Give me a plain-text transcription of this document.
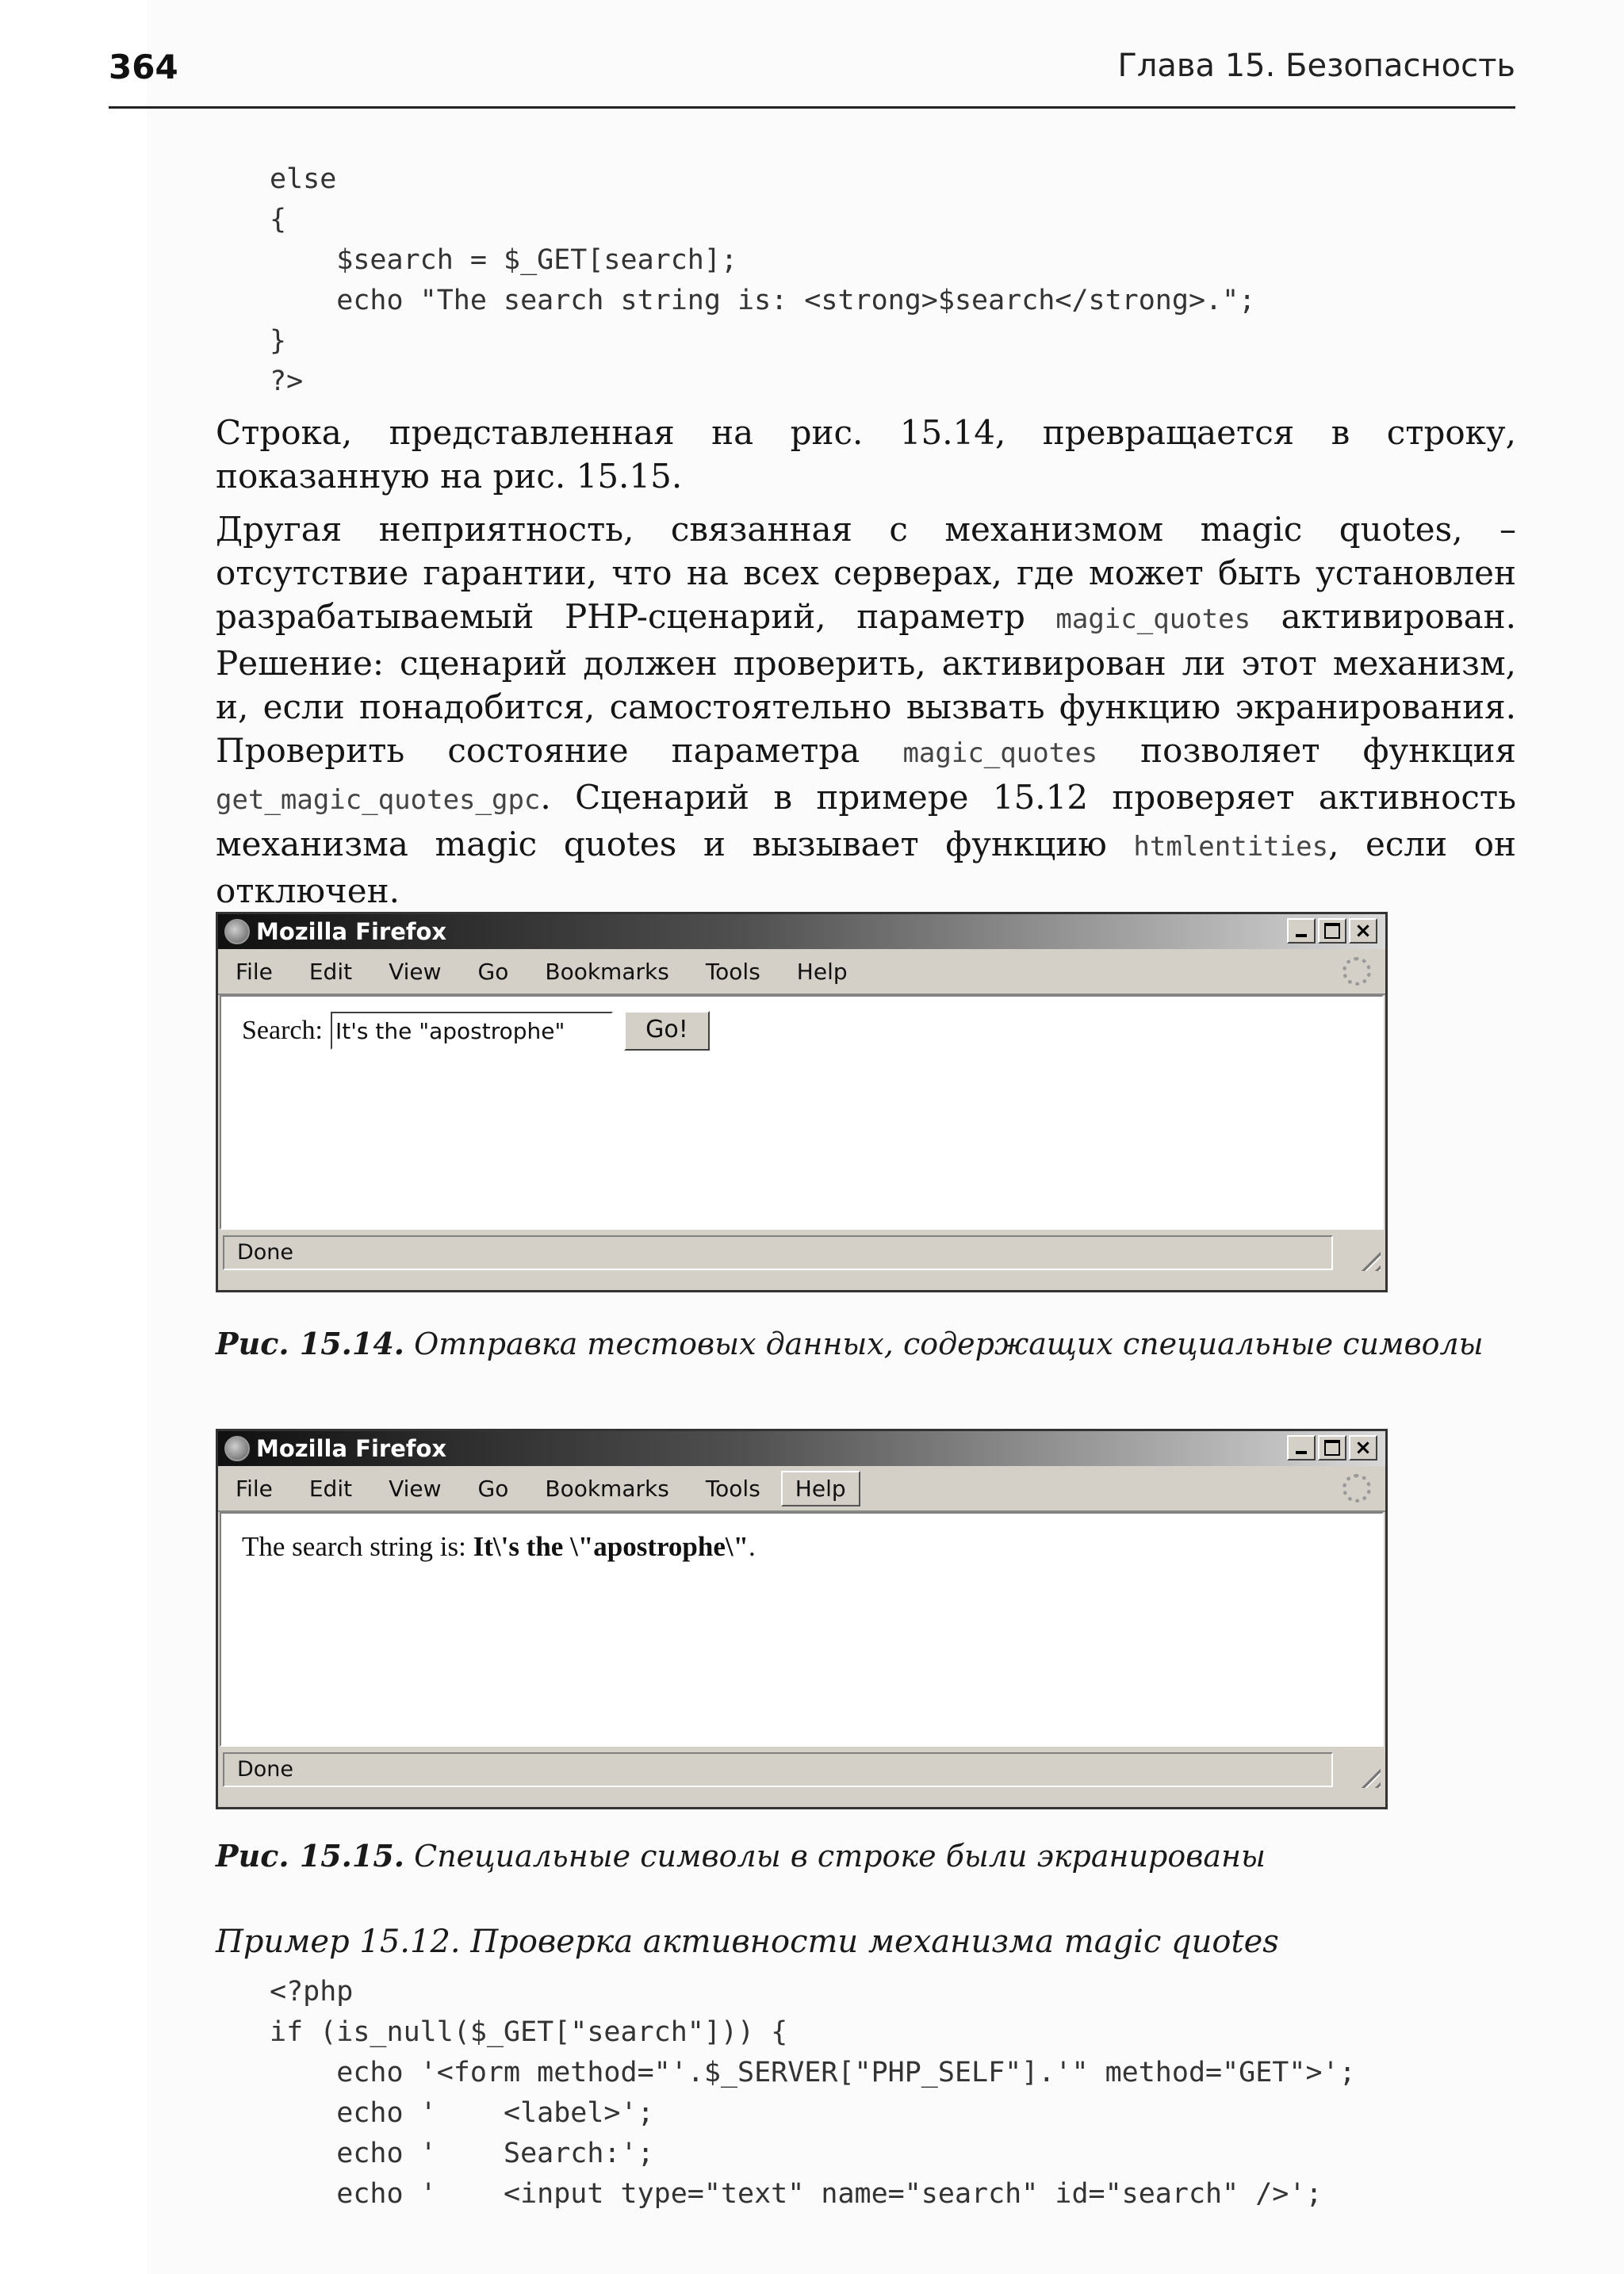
364	Глава 15. Безопасность
else
{
$search = $_GET[search];
echo "The search string is: <strong>$search</strong>.";
}
?>

Строка, представленная на рис. 15.14, превращается в строку, показанную на рис. 15.15.

Другая неприятность, связанная с механизмом magic quotes, – отсутствие гарантии, что на всех серверах, где может быть установлен разрабатываемый PHP-сценарий, параметр magic_quotes активирован. Решение: сценарий должен проверить, активирован ли этот механизм, и, если понадобится, самостоятельно вызвать функцию экранирования. Проверить состояние параметра magic_quotes позволяет функция get_magic_quotes_gpc. Сценарий в примере 15.12 проверяет активность механизма magic quotes и вызывает функцию htmlentities, если он отключен.

Mozilla Firefox	×
File Edit View Go Bookmarks Tools Help
Search:
It's the "apostrophe"	Go!
Done

Рис. 15.14. Отправка тестовых данных, содержащих специальные символы

Mozilla Firefox	×
File Edit View Go Bookmarks Tools	Help
The search string is: It\'s the \"apostrophe\".
Done

Рис. 15.15. Специальные символы в строке были экранированы

Пример 15.12. Проверка активности механизма magic quotes

<?php
if (is_null($_GET["search"])) {
echo '<form method="'.$_SERVER["PHP_SELF"].'" method="GET">';
echo '    <label>';
echo '    Search:';
echo '    <input type="text" name="search" id="search" />';
